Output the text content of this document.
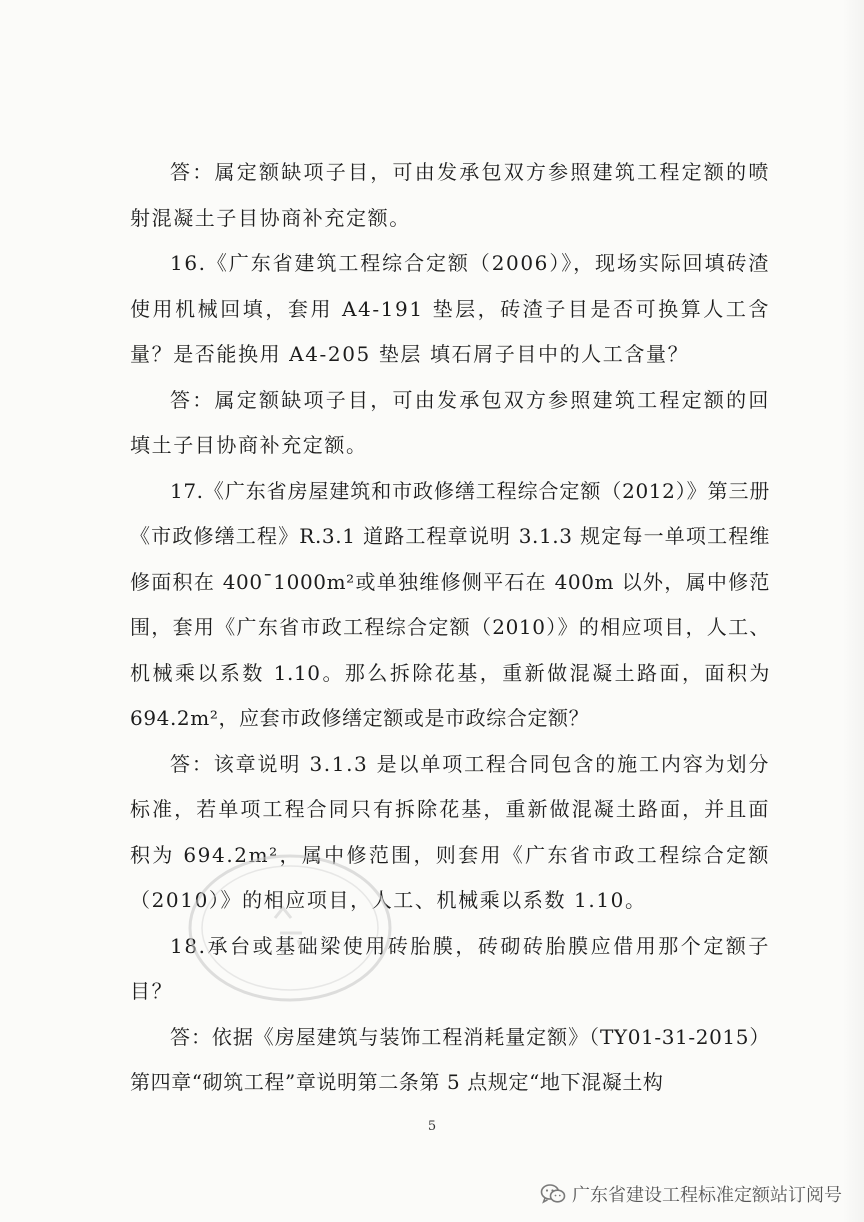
答：属定额缺项子目，可由发承包双方参照建筑工程定额的喷射混凝土子目协商补充定额。

16.《广东省建筑工程综合定额（2006）》，现场实际回填砖渣使用机械回填，套用 A4-191 垫层，砖渣子目是否可换算人工含量？是否能换用 A4-205 垫层 填石屑子目中的人工含量？

答：属定额缺项子目，可由发承包双方参照建筑工程定额的回填土子目协商补充定额。

17.《广东省房屋建筑和市政修缮工程综合定额（2012）》第三册《市政修缮工程》R.3.1 道路工程章说明 3.1.3 规定每一单项工程维修面积在 400¯1000m²或单独维修侧平石在 400m 以外，属中修范围，套用《广东省市政工程综合定额（2010）》的相应项目，人工、机械乘以系数 1.10。那么拆除花基，重新做混凝土路面，面积为 694.2m²，应套市政修缮定额或是市政综合定额？

答：该章说明 3.1.3 是以单项工程合同包含的施工内容为划分标准，若单项工程合同只有拆除花基，重新做混凝土路面，并且面积为 694.2m²，属中修范围，则套用《广东省市政工程综合定额（2010）》的相应项目，人工、机械乘以系数 1.10。

18.承台或基础梁使用砖胎膜，砖砌砖胎膜应借用那个定额子目？

答：依据《房屋建筑与装饰工程消耗量定额》（TY01-31-2015）第四章“砌筑工程”章说明第二条第 5 点规定“地下混凝土构

5
广东省建设工程标准定额站订阅号
